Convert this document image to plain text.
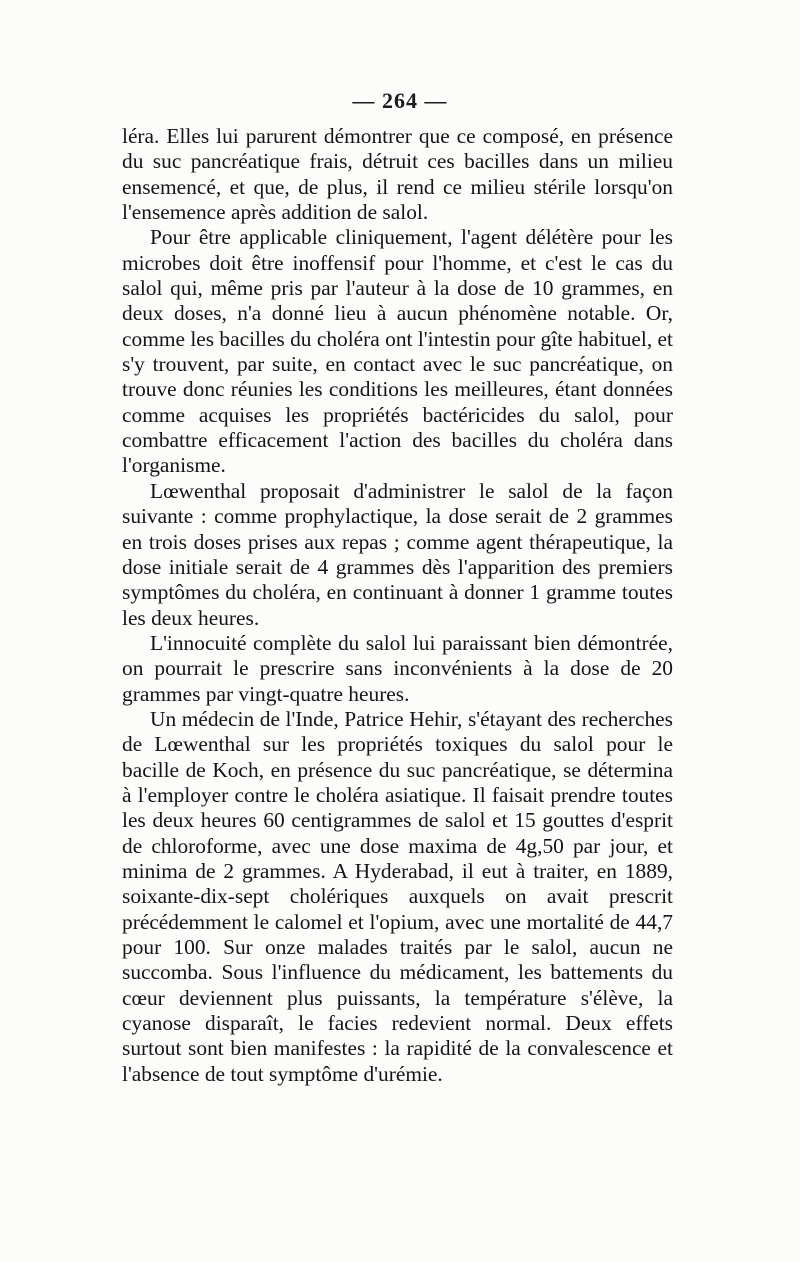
— 264 —

léra. Elles lui parurent démontrer que ce composé, en présence du suc pancréatique frais, détruit ces bacilles dans un milieu ensemencé, et que, de plus, il rend ce milieu stérile lorsqu'on l'ensemence après addition de salol.

Pour être applicable cliniquement, l'agent délétère pour les microbes doit être inoffensif pour l'homme, et c'est le cas du salol qui, même pris par l'auteur à la dose de 10 grammes, en deux doses, n'a donné lieu à aucun phénomène notable. Or, comme les bacilles du choléra ont l'intestin pour gîte habituel, et s'y trouvent, par suite, en contact avec le suc pancréatique, on trouve donc réunies les conditions les meilleures, étant données comme acquises les propriétés bactéricides du salol, pour combattre efficacement l'action des bacilles du choléra dans l'organisme.

Lœwenthal proposait d'administrer le salol de la façon suivante : comme prophylactique, la dose serait de 2 grammes en trois doses prises aux repas ; comme agent thérapeutique, la dose initiale serait de 4 grammes dès l'apparition des premiers symptômes du choléra, en continuant à donner 1 gramme toutes les deux heures.

L'innocuité complète du salol lui paraissant bien démontrée, on pourrait le prescrire sans inconvénients à la dose de 20 grammes par vingt-quatre heures.

Un médecin de l'Inde, Patrice Hehir, s'étayant des recherches de Lœwenthal sur les propriétés toxiques du salol pour le bacille de Koch, en présence du suc pancréatique, se détermina à l'employer contre le choléra asiatique. Il faisait prendre toutes les deux heures 60 centigrammes de salol et 15 gouttes d'esprit de chloroforme, avec une dose maxima de 4g,50 par jour, et minima de 2 grammes. A Hyderabad, il eut à traiter, en 1889, soixante-dix-sept cholériques auxquels on avait prescrit précédemment le calomel et l'opium, avec une mortalité de 44,7 pour 100. Sur onze malades traités par le salol, aucun ne succomba. Sous l'influence du médicament, les battements du cœur deviennent plus puissants, la température s'élève, la cyanose disparaît, le facies redevient normal. Deux effets surtout sont bien manifestes : la rapidité de la convalescence et l'absence de tout symptôme d'urémie.
